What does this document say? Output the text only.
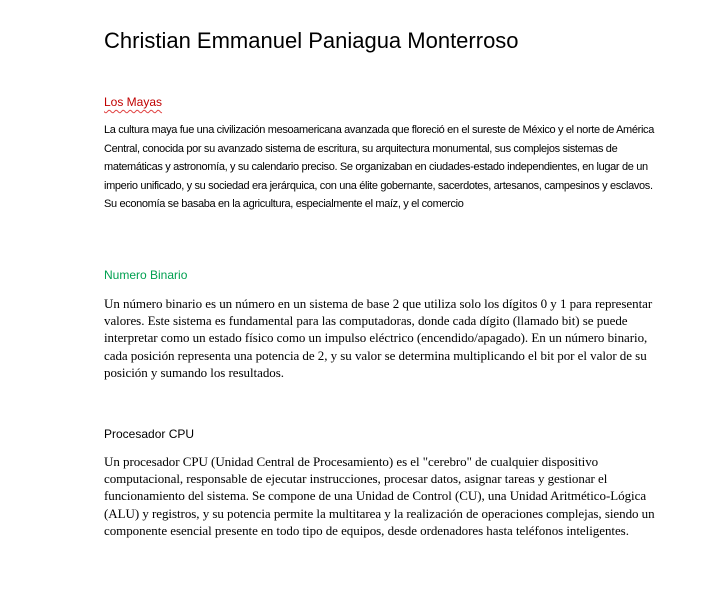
Christian Emmanuel Paniagua Monterroso
Los Mayas

La cultura maya fue una civilización mesoamericana avanzada que floreció en el sureste de México y el norte de América Central, conocida por su avanzado sistema de escritura, su arquitectura monumental, sus complejos sistemas de matemáticas y astronomía, y su calendario preciso. Se organizaban en ciudades-estado independientes, en lugar de un imperio unificado, y su sociedad era jerárquica, con una élite gobernante, sacerdotes, artesanos, campesinos y esclavos. Su economía se basaba en la agricultura, especialmente el maíz, y el comercio

Numero Binario

Un número binario es un número en un sistema de base 2 que utiliza solo los dígitos 0 y 1 para representar valores. Este sistema es fundamental para las computadoras, donde cada dígito (llamado bit) se puede interpretar como un estado físico como un impulso eléctrico (encendido/apagado). En un número binario, cada posición representa una potencia de 2, y su valor se determina multiplicando el bit por el valor de su posición y sumando los resultados.

Procesador CPU

Un procesador CPU (Unidad Central de Procesamiento) es el "cerebro" de cualquier dispositivo computacional, responsable de ejecutar instrucciones, procesar datos, asignar tareas y gestionar el funcionamiento del sistema. Se compone de una Unidad de Control (CU), una Unidad Aritmético-Lógica (ALU) y registros, y su potencia permite la multitarea y la realización de operaciones complejas, siendo un componente esencial presente en todo tipo de equipos, desde ordenadores hasta teléfonos inteligentes.
